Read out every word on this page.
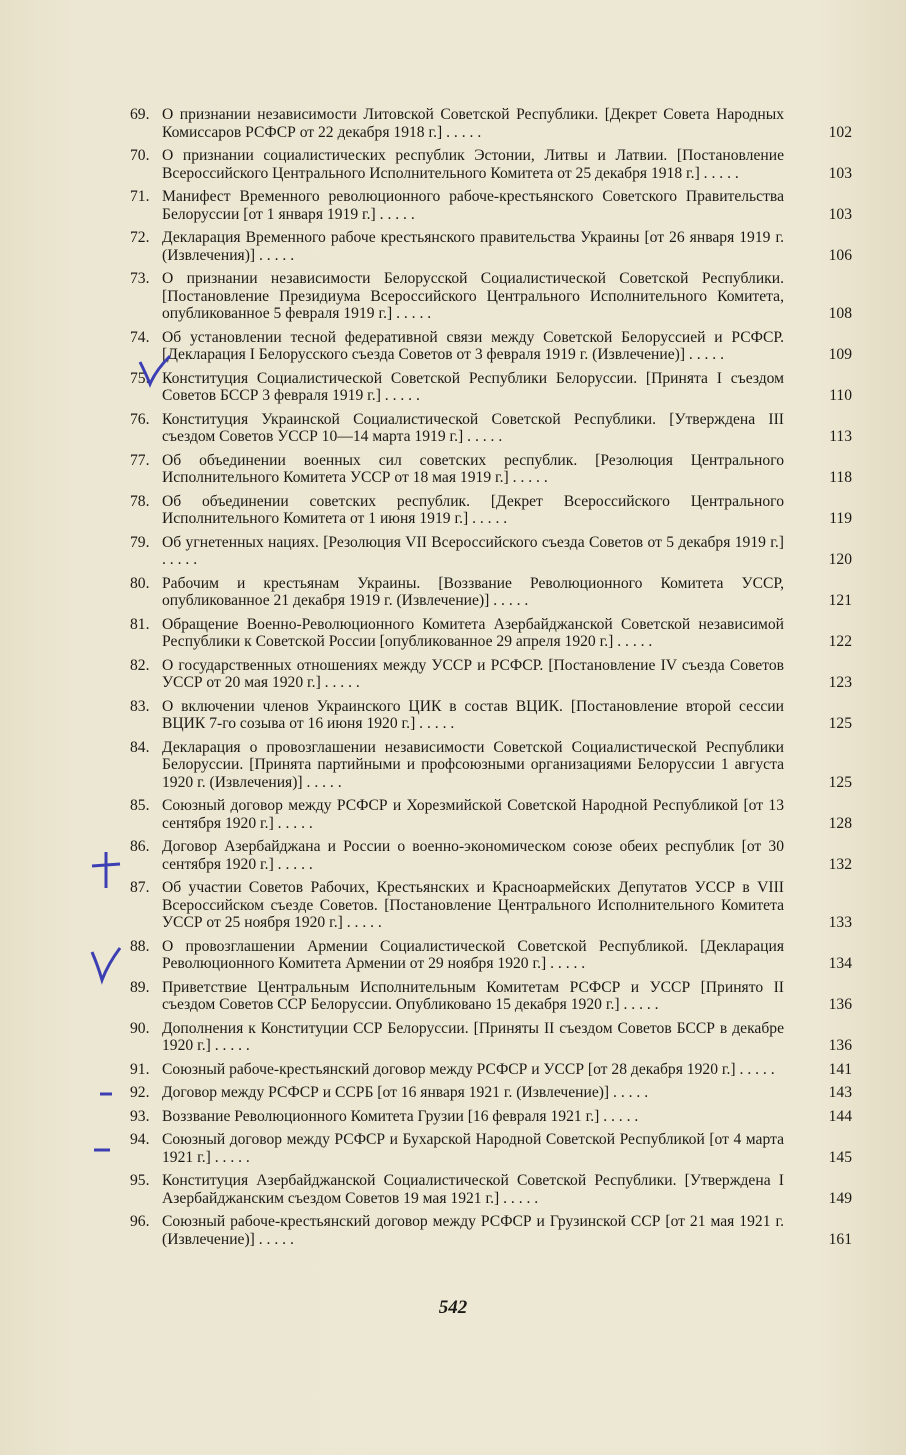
69. О признании независимости Литовской Советской Республики. [Декрет Совета Народных Комиссаров РСФСР от 22 декабря 1918 г.] . . . . .	102
70. О признании социалистических республик Эстонии, Литвы и Латвии. [Постановление Всероссийского Центрального Исполнительного Комитета от 25 декабря 1918 г.] . . . . .	103
71. Манифест Временного революционного рабоче-крестьянского Советского Правительства Белоруссии [от 1 января 1919 г.] . . . . .	103
72. Декларация Временного рабоче крестьянского правительства Украины [от 26 января 1919 г. (Извлечения)] . . . . .	106
73. О признании независимости Белорусской Социалистической Советской Республики. [Постановление Президиума Всероссийского Центрального Исполнительного Комитета, опубликованное 5 февраля 1919 г.] . . . . .	108
74. Об установлении тесной федеративной связи между Советской Белоруссией и РСФСР. [Декларация I Белорусского съезда Советов от 3 февраля 1919 г. (Извлечение)] . . . . .	109
75. Конституция Социалистической Советской Республики Белоруссии. [Принята I съездом Советов БССР 3 февраля 1919 г.] . . . . .	110
76. Конституция Украинской Социалистической Советской Республики. [Утверждена III съездом Советов УССР 10—14 марта 1919 г.] . . . . .	113
77. Об объединении военных сил советских республик. [Резолюция Центрального Исполнительного Комитета УССР от 18 мая 1919 г.] . . . . .	118
78. Об объединении советских республик. [Декрет Всероссийского Центрального Исполнительного Комитета от 1 июня 1919 г.] . . . . .	119
79. Об угнетенных нациях. [Резолюция VII Всероссийского съезда Советов от 5 декабря 1919 г.] . . . . .	120
80. Рабочим и крестьянам Украины. [Воззвание Революционного Комитета УССР, опубликованное 21 декабря 1919 г. (Извлечение)] . . . . .	121
81. Обращение Военно-Революционного Комитета Азербайджанской Советской независимой Республики к Советской России [опубликованное 29 апреля 1920 г.] . . . . .	122
82. О государственных отношениях между УССР и РСФСР. [Постановление IV съезда Советов УССР от 20 мая 1920 г.] . . . . .	123
83. О включении членов Украинского ЦИК в состав ВЦИК. [Постановление второй сессии ВЦИК 7-го созыва от 16 июня 1920 г.] . . . . .	125
84. Декларация о провозглашении независимости Советской Социалистической Республики Белоруссии. [Принята партийными и профсоюзными организациями Белоруссии 1 августа 1920 г. (Извлечения)] . . . . .	125
85. Союзный договор между РСФСР и Хорезмийской Советской Народной Республикой [от 13 сентября 1920 г.] . . . . .	128
86. Договор Азербайджана и России о военно-экономическом союзе обеих республик [от 30 сентября 1920 г.] . . . . .	132
87. Об участии Советов Рабочих, Крестьянских и Красноармейских Депутатов УССР в VIII Всероссийском съезде Советов. [Постановление Центрального Исполнительного Комитета УССР от 25 ноября 1920 г.] . . . . .	133
88. О провозглашении Армении Социалистической Советской Республикой. [Декларация Революционного Комитета Армении от 29 ноября 1920 г.] . . . . .	134
89. Приветствие Центральным Исполнительным Комитетам РСФСР и УССР [Принято II съездом Советов ССР Белоруссии. Опубликовано 15 декабря 1920 г.] . . . . .	136
90. Дополнения к Конституции ССР Белоруссии. [Приняты II съездом Советов БССР в декабре 1920 г.] . . . . .	136
91. Союзный рабоче-крестьянский договор между РСФСР и УССР [от 28 декабря 1920 г.] . . . . .	141
92. Договор между РСФСР и ССРБ [от 16 января 1921 г. (Извлечение)] . . . . .	143
93. Воззвание Революционного Комитета Грузии [16 февраля 1921 г.] . . . . .	144
94. Союзный договор между РСФСР и Бухарской Народной Советской Республикой [от 4 марта 1921 г.] . . . . .	145
95. Конституция Азербайджанской Социалистической Советской Республики. [Утверждена I Азербайджанским съездом Советов 19 мая 1921 г.] . . . . .	149
96. Союзный рабоче-крестьянский договор между РСФСР и Грузинской ССР [от 21 мая 1921 г. (Извлечение)] . . . . .	161
542
